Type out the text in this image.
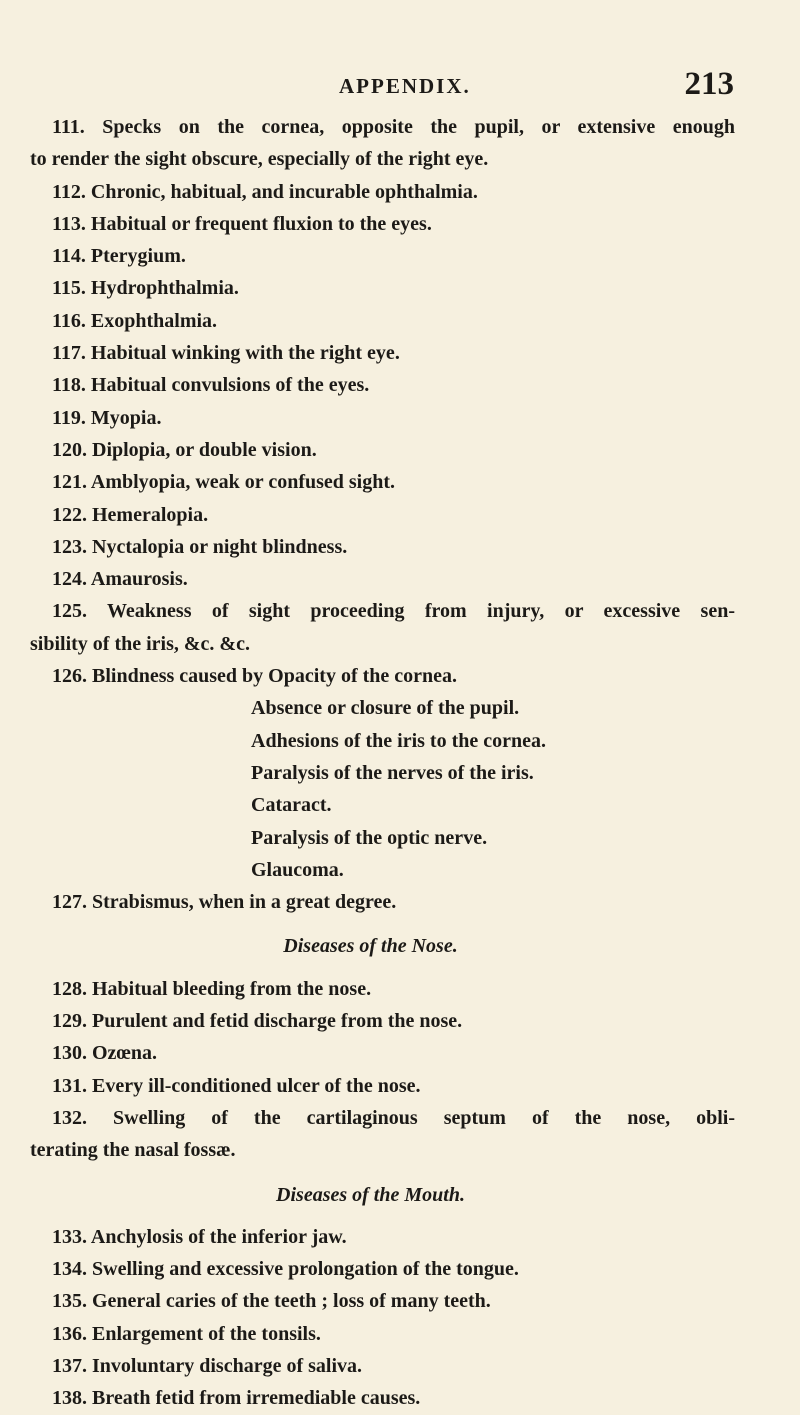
APPENDIX.	213
111. Specks on the cornea, opposite the pupil, or extensive enough
to render the sight obscure, especially of the right eye.
112. Chronic, habitual, and incurable ophthalmia.
113. Habitual or frequent fluxion to the eyes.
114. Pterygium.
115. Hydrophthalmia.
116. Exophthalmia.
117. Habitual winking with the right eye.
118. Habitual convulsions of the eyes.
119. Myopia.
120. Diplopia, or double vision.
121. Amblyopia, weak or confused sight.
122. Hemeralopia.
123. Nyctalopia or night blindness.
124. Amaurosis.
125. Weakness of sight proceeding from injury, or excessive sen-
sibility of the iris, &c. &c.
126. Blindness caused by Opacity of the cornea.
Absence or closure of the pupil.
Adhesions of the iris to the cornea.
Paralysis of the nerves of the iris.
Cataract.
Paralysis of the optic nerve.
Glaucoma.
127. Strabismus, when in a great degree.
Diseases of the Nose.
128. Habitual bleeding from the nose.
129. Purulent and fetid discharge from the nose.
130. Ozœna.
131. Every ill-conditioned ulcer of the nose.
132. Swelling of the cartilaginous septum of the nose, obli-
terating the nasal fossæ.
Diseases of the Mouth.
133. Anchylosis of the inferior jaw.
134. Swelling and excessive prolongation of the tongue.
135. General caries of the teeth ; loss of many teeth.
136. Enlargement of the tonsils.
137. Involuntary discharge of saliva.
138. Breath fetid from irremediable causes.
